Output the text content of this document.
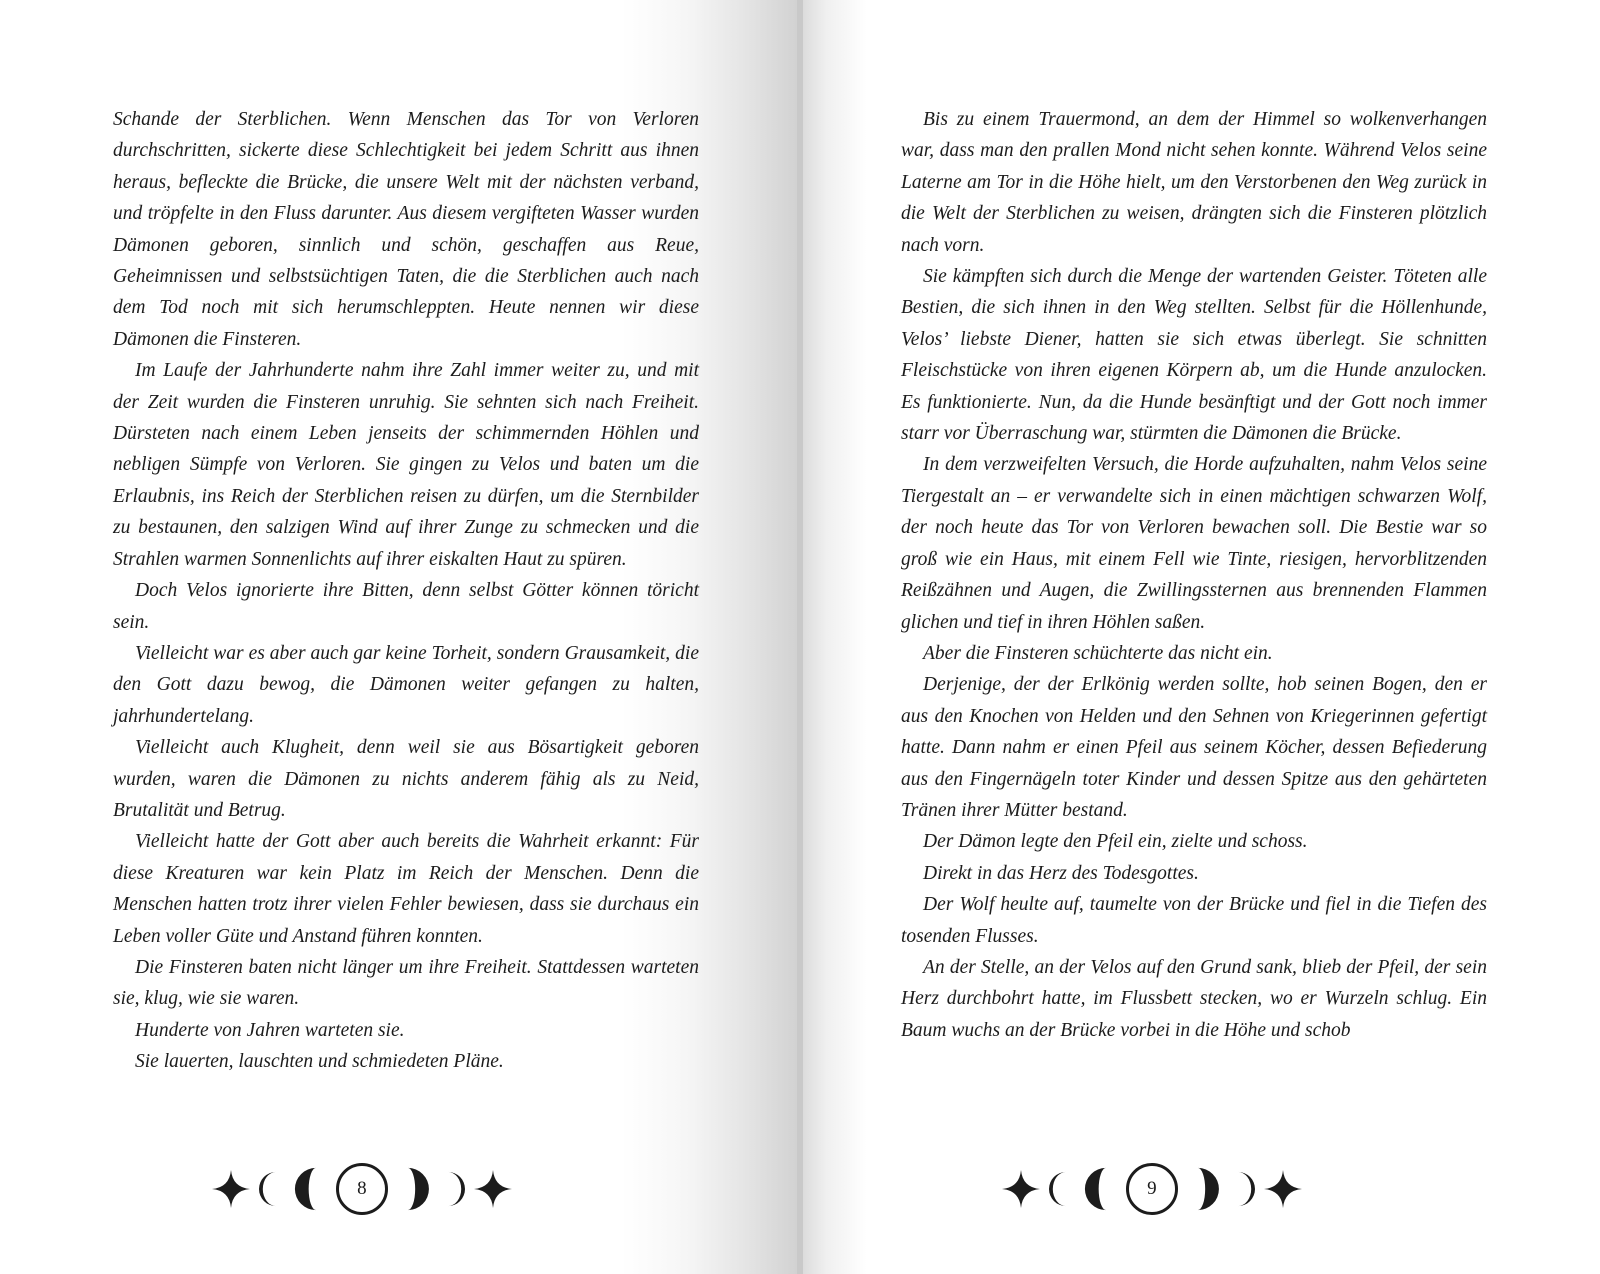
Schande der Sterblichen. Wenn Menschen das Tor von Verloren durchschritten, sickerte diese Schlechtigkeit bei jedem Schritt aus ihnen heraus, befleckte die Brücke, die unsere Welt mit der nächsten verband, und tröpfelte in den Fluss darunter. Aus diesem vergifteten Wasser wurden Dämonen geboren, sinnlich und schön, geschaffen aus Reue, Geheimnissen und selbstsüchtigen Taten, die die Sterblichen auch nach dem Tod noch mit sich herumschleppten. Heute nennen wir diese Dämonen die Finsteren.

Im Laufe der Jahrhunderte nahm ihre Zahl immer weiter zu, und mit der Zeit wurden die Finsteren unruhig. Sie sehnten sich nach Freiheit. Dürsteten nach einem Leben jenseits der schimmernden Höhlen und nebligen Sümpfe von Verloren. Sie gingen zu Velos und baten um die Erlaubnis, ins Reich der Sterblichen reisen zu dürfen, um die Sternbilder zu bestaunen, den salzigen Wind auf ihrer Zunge zu schmecken und die Strahlen warmen Sonnenlichts auf ihrer eiskalten Haut zu spüren.

Doch Velos ignorierte ihre Bitten, denn selbst Götter können töricht sein.

Vielleicht war es aber auch gar keine Torheit, sondern Grausamkeit, die den Gott dazu bewog, die Dämonen weiter gefangen zu halten, jahrhundertelang.

Vielleicht auch Klugheit, denn weil sie aus Bösartigkeit geboren wurden, waren die Dämonen zu nichts anderem fähig als zu Neid, Brutalität und Betrug.

Vielleicht hatte der Gott aber auch bereits die Wahrheit erkannt: Für diese Kreaturen war kein Platz im Reich der Menschen. Denn die Menschen hatten trotz ihrer vielen Fehler bewiesen, dass sie durchaus ein Leben voller Güte und Anstand führen konnten.

Die Finsteren baten nicht länger um ihre Freiheit. Stattdessen warteten sie, klug, wie sie waren.

Hunderte von Jahren warteten sie.

Sie lauerten, lauschten und schmiedeten Pläne.

8

Bis zu einem Trauermond, an dem der Himmel so wolkenverhangen war, dass man den prallen Mond nicht sehen konnte. Während Velos seine Laterne am Tor in die Höhe hielt, um den Verstorbenen den Weg zurück in die Welt der Sterblichen zu weisen, drängten sich die Finsteren plötzlich nach vorn.

Sie kämpften sich durch die Menge der wartenden Geister. Töteten alle Bestien, die sich ihnen in den Weg stellten. Selbst für die Höllenhunde, Velos’ liebste Diener, hatten sie sich etwas überlegt. Sie schnitten Fleischstücke von ihren eigenen Körpern ab, um die Hunde anzulocken. Es funktionierte. Nun, da die Hunde besänftigt und der Gott noch immer starr vor Überraschung war, stürmten die Dämonen die Brücke.

In dem verzweifelten Versuch, die Horde aufzuhalten, nahm Velos seine Tiergestalt an – er verwandelte sich in einen mächtigen schwarzen Wolf, der noch heute das Tor von Verloren bewachen soll. Die Bestie war so groß wie ein Haus, mit einem Fell wie Tinte, riesigen, hervorblitzenden Reißzähnen und Augen, die Zwillingssternen aus brennenden Flammen glichen und tief in ihren Höhlen saßen.

Aber die Finsteren schüchterte das nicht ein.

Derjenige, der der Erlkönig werden sollte, hob seinen Bogen, den er aus den Knochen von Helden und den Sehnen von Kriegerinnen gefertigt hatte. Dann nahm er einen Pfeil aus seinem Köcher, dessen Befiederung aus den Fingernägeln toter Kinder und dessen Spitze aus den gehärteten Tränen ihrer Mütter bestand.

Der Dämon legte den Pfeil ein, zielte und schoss.

Direkt in das Herz des Todesgottes.

Der Wolf heulte auf, taumelte von der Brücke und fiel in die Tiefen des tosenden Flusses.

An der Stelle, an der Velos auf den Grund sank, blieb der Pfeil, der sein Herz durchbohrt hatte, im Flussbett stecken, wo er Wurzeln schlug. Ein Baum wuchs an der Brücke vorbei in die Höhe und schob

9
